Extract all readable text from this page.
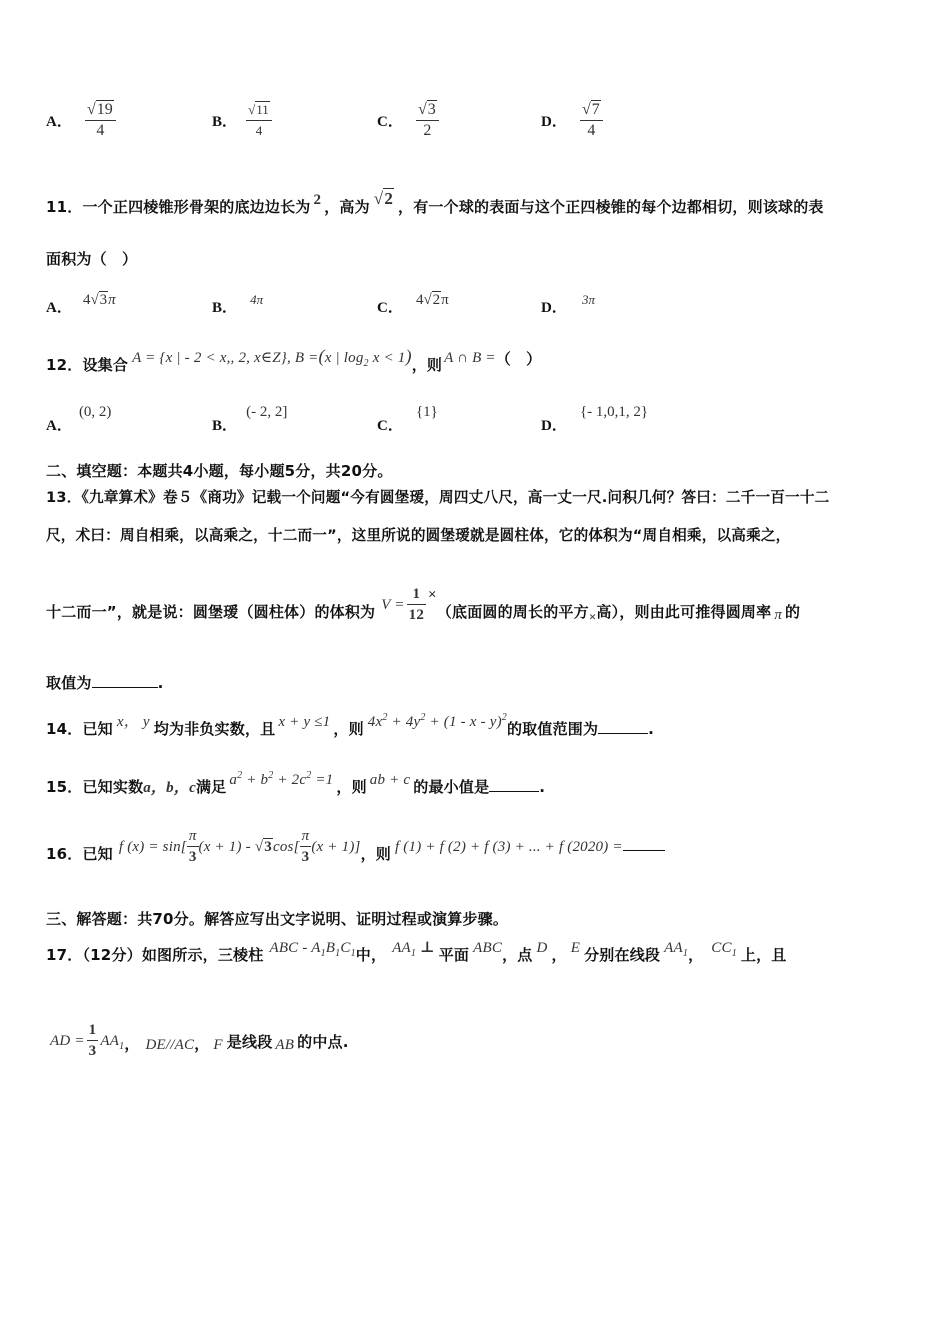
A． $\frac{√19}{4}$	B． $\frac{√11}{4}$	C． $\frac{√3}{2}$	D． $\frac{√7}{4}$
11．一个正四棱锥形骨架的底边边长为 2 ，高为 √2 ，有一个球的表面与这个正四棱锥的每个边都相切，则该球的表
面积为（　）
A． 4√3π	B． 4π
C． 4√2π	D． 3π
12．设集合 A = {x | - 2 < x,, 2, x∈Z}, B =(x | $\log_2 x < 1$)，则 A ∩ B =（　）
A． (0, 2)
B． (- 2, 2]
C． {1}
D． {- 1,0,1, 2}
二、填空题：本题共4小题，每小题5分，共20分。
13．《九章算术》卷５《商功》记载一个问题“今有圆堡瑷，周四丈八尺，高一丈一尺.问积几何？答曰：二千一百一十二
尺，术曰：周自相乘，以高乘之，十二而一”，这里所说的圆堡瑷就是圆柱体，它的体积为“周自相乘，以高乘之，
十二而一”，就是说：圆堡瑷（圆柱体）的体积为 $V = \frac{1}{12}$ ×（底面圆的周长的平方×高），则由此可推得圆周率 π 的
取值为	.
14．已知 x， y 均为非负实数，且 x + y ≤1 ，则 $4x^2 + 4y^2 + (1 - x - y)^2$的取值范围为	.
15．已知实数a，b，c满足 $a^2 + b^2 + 2c^2 =1$ ，则 ab + c 的最小值是	.
16．已知 f $(x) = \sin[ \frac{\pi}{3} (x + 1) - √3\cos[ \frac{\pi}{3} (x + 1)]$，则 f (1) + f (2) + f (3) + ... + f (2020) =
三、解答题：共70分。解答应写出文字说明、证明过程或演算步骤。
17．（12分）如图所示，三棱柱 ABC - $A_1B_1C_1$中， $AA_1$ ⊥ 平面 ABC，点 D ， E 分别在线段 $AA_1$， $CC_1$ 上，且
AD = $\frac{1}{3} AA_1$， DE//AC， F 是线段 AB 的中点.
